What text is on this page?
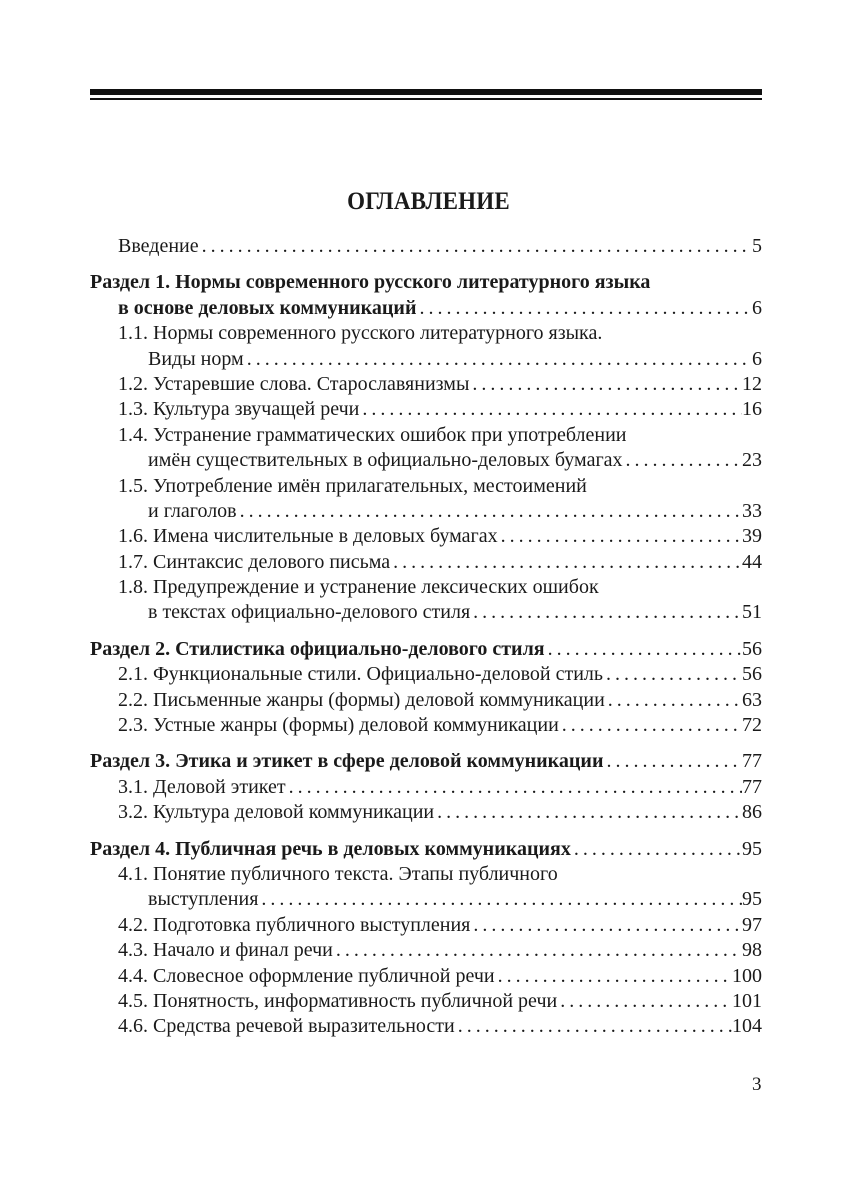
ОГЛАВЛЕНИЕ
Введение . . .	5
Раздел 1. Нормы современного русского литературного языка
в основе деловых коммуникаций . . .	6
1.1. Нормы современного русского литературного языка.
Виды норм . . .	6
1.2. Устаревшие слова. Старославянизмы . . .	12
1.3. Культура звучащей речи . . .	16
1.4. Устранение грамматических ошибок при употреблении
имён существительных в официально-деловых бумагах . . .	23
1.5. Употребление имён прилагательных, местоимений
и глаголов . . .	33
1.6. Имена числительные в деловых бумагах . . .	39
1.7. Синтаксис делового письма . . .	44
1.8. Предупреждение и устранение лексических ошибок
в текстах официально-делового стиля . . .	51
Раздел 2. Стилистика официально-делового стиля . . .	56
2.1. Функциональные стили. Официально-деловой стиль . . .	56
2.2. Письменные жанры (формы) деловой коммуникации . . .	63
2.3. Устные жанры (формы) деловой коммуникации . . .	72
Раздел 3. Этика и этикет в сфере деловой коммуникации . . .	77
3.1. Деловой этикет . . .	77
3.2. Культура деловой коммуникации . . .	86
Раздел 4. Публичная речь в деловых коммуникациях . . .	95
4.1. Понятие публичного текста. Этапы публичного
выступления . . .	95
4.2. Подготовка публичного выступления . . .	97
4.3. Начало и финал речи . . .	98
4.4. Словесное оформление публичной речи . . .	100
4.5. Понятность, информативность публичной речи . . .	101
4.6. Средства речевой выразительности . . .	104
3
